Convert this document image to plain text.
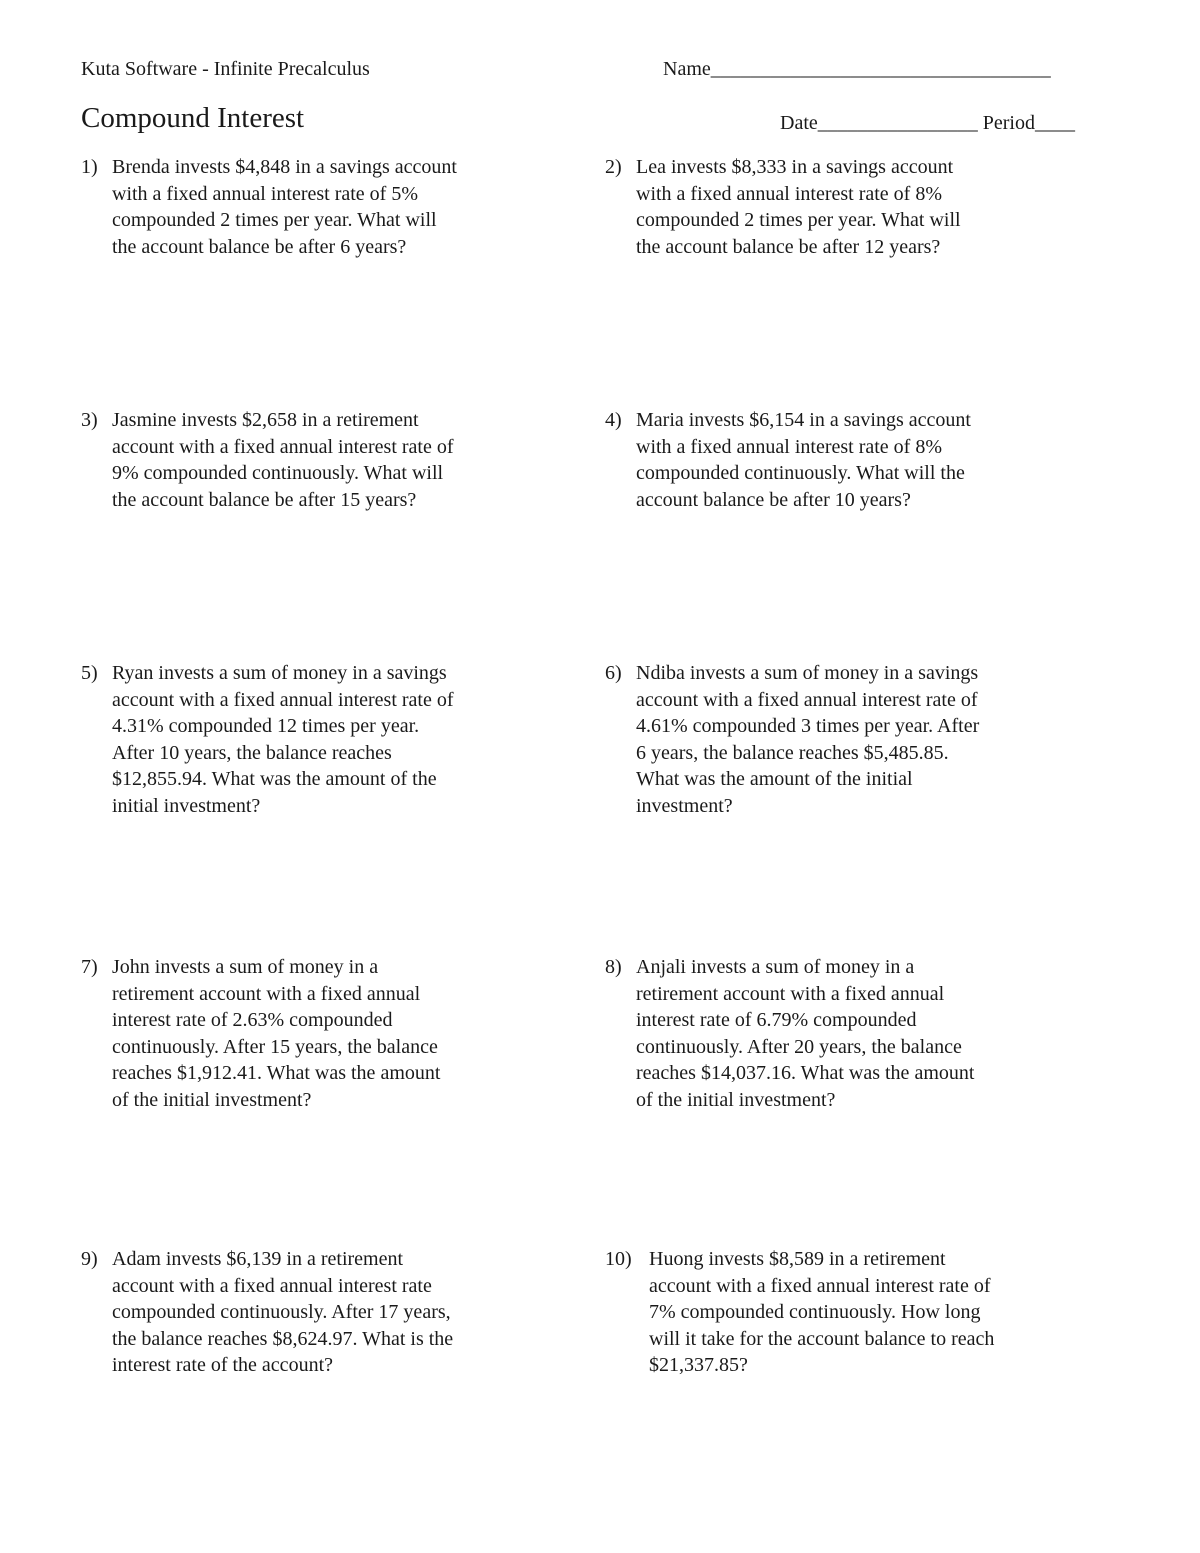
Kuta Software - Infinite Precalculus	Name__________________________________
Compound Interest	Date________________ Period____
1) Brenda invests $4,848 in a savings account
with a fixed annual interest rate of 5%
compounded 2 times per year. What will
the account balance be after 6 years?

2) Lea invests $8,333 in a savings account
with a fixed annual interest rate of 8%
compounded 2 times per year. What will
the account balance be after 12 years?

3) Jasmine invests $2,658 in a retirement
account with a fixed annual interest rate of
9% compounded continuously. What will
the account balance be after 15 years?

4) Maria invests $6,154 in a savings account
with a fixed annual interest rate of 8%
compounded continuously. What will the
account balance be after 10 years?

5) Ryan invests a sum of money in a savings
account with a fixed annual interest rate of
4.31% compounded 12 times per year.
After 10 years, the balance reaches
$12,855.94. What was the amount of the
initial investment?

6) Ndiba invests a sum of money in a savings
account with a fixed annual interest rate of
4.61% compounded 3 times per year. After
6 years, the balance reaches $5,485.85.
What was the amount of the initial
investment?

7) John invests a sum of money in a
retirement account with a fixed annual
interest rate of 2.63% compounded
continuously. After 15 years, the balance
reaches $1,912.41. What was the amount
of the initial investment?

8) Anjali invests a sum of money in a
retirement account with a fixed annual
interest rate of 6.79% compounded
continuously. After 20 years, the balance
reaches $14,037.16. What was the amount
of the initial investment?

9) Adam invests $6,139 in a retirement
account with a fixed annual interest rate
compounded continuously. After 17 years,
the balance reaches $8,624.97. What is the
interest rate of the account?

10) Huong invests $8,589 in a retirement
account with a fixed annual interest rate of
7% compounded continuously. How long
will it take for the account balance to reach
$21,337.85?
